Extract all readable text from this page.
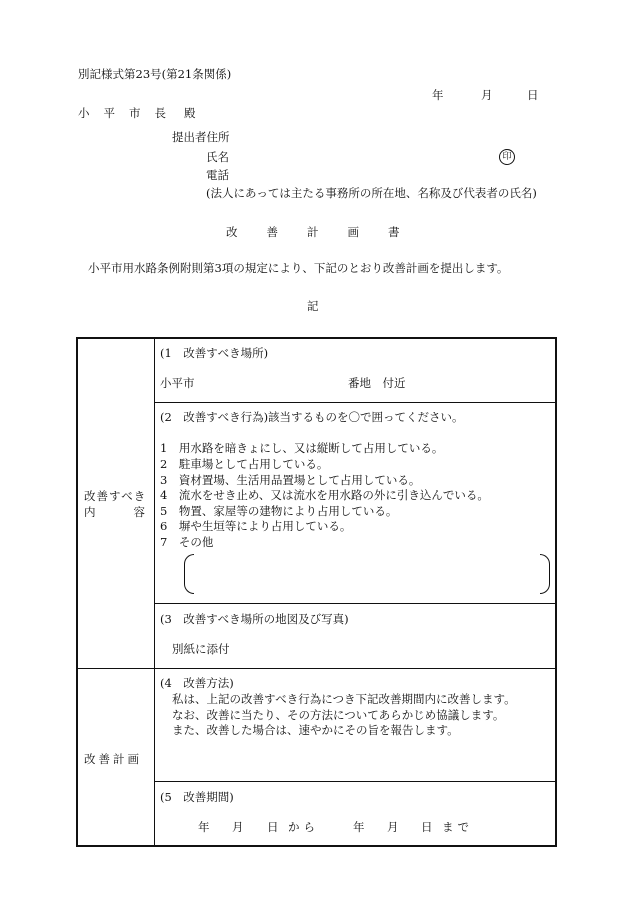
別記様式第23号(第21条関係)
年	月	日
小平市長 殿
提出者住所
氏名	印
電話
(法人にあっては主たる事務所の所在地、名称及び代表者の氏名)
改善計画書
小平市用水路条例附則第3項の規定により、下記のとおり改善計画を提出します。
記
改善すべき
内容
(1　改善すべき場所)
小平市	番地　付近
(2　改善すべき行為)該当するものを〇で囲ってください。
1　用水路を暗きょにし、又は縦断して占用している。
2　駐車場として占用している。
3　資材置場、生活用品置場として占用している。
4　流水をせき止め、又は流水を用水路の外に引き込んでいる。
5　物置、家屋等の建物により占用している。
6　塀や生垣等により占用している。
7　その他
(3　改善すべき場所の地図及び写真)
別紙に添付
改善計画
(4　改善方法)
私は、上記の改善すべき行為につき下記改善期間内に改善します。
なお、改善に当たり、その方法についてあらかじめ協議します。
また、改善した場合は、速やかにその旨を報告します。
(5　改善期間)
年 月 日 から	年 月 日 まで
